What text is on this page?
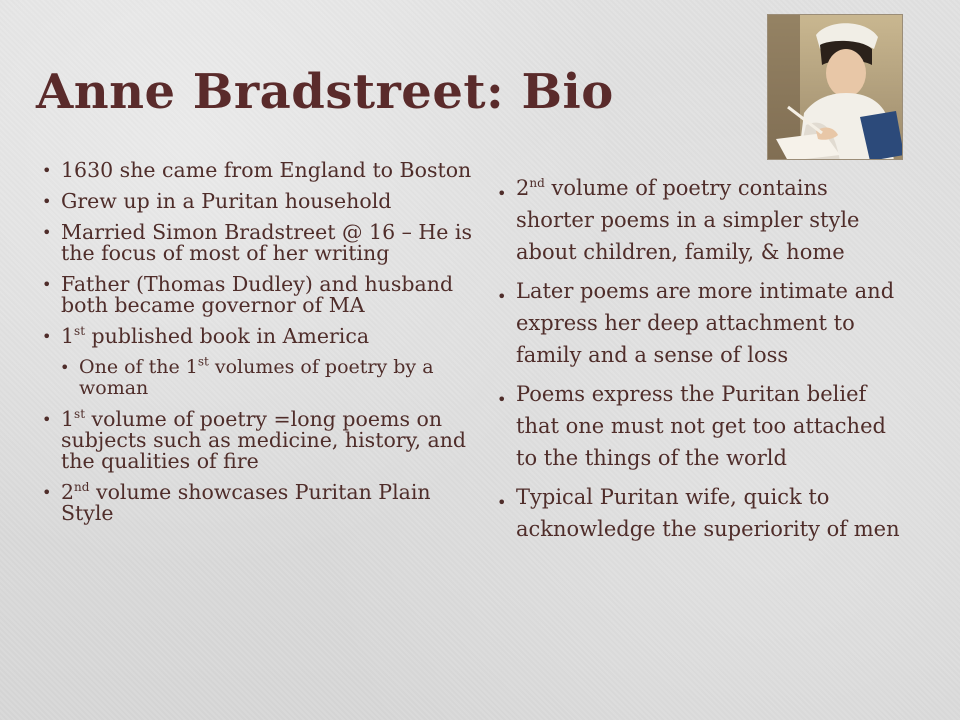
Anne Bradstreet: Bio
• 1630 she came from England to Boston
• Grew up in a Puritan household
• Married Simon Bradstreet @ 16 – He is the focus of most of her writing
• Father (Thomas Dudley) and husband both became governor of MA
• 1st published book in America
• One of the 1st volumes of poetry by a woman
• 1st volume of poetry =long poems on subjects such as medicine, history, and the qualities of fire
• 2nd volume showcases Puritan Plain Style
• 2nd volume of poetry contains shorter poems in a simpler style about children, family, & home
• Later poems are more intimate and express her deep attachment to family and a sense of loss
• Poems express the Puritan belief that one must not get too attached to the things of the world
• Typical Puritan wife, quick to acknowledge the superiority of men
